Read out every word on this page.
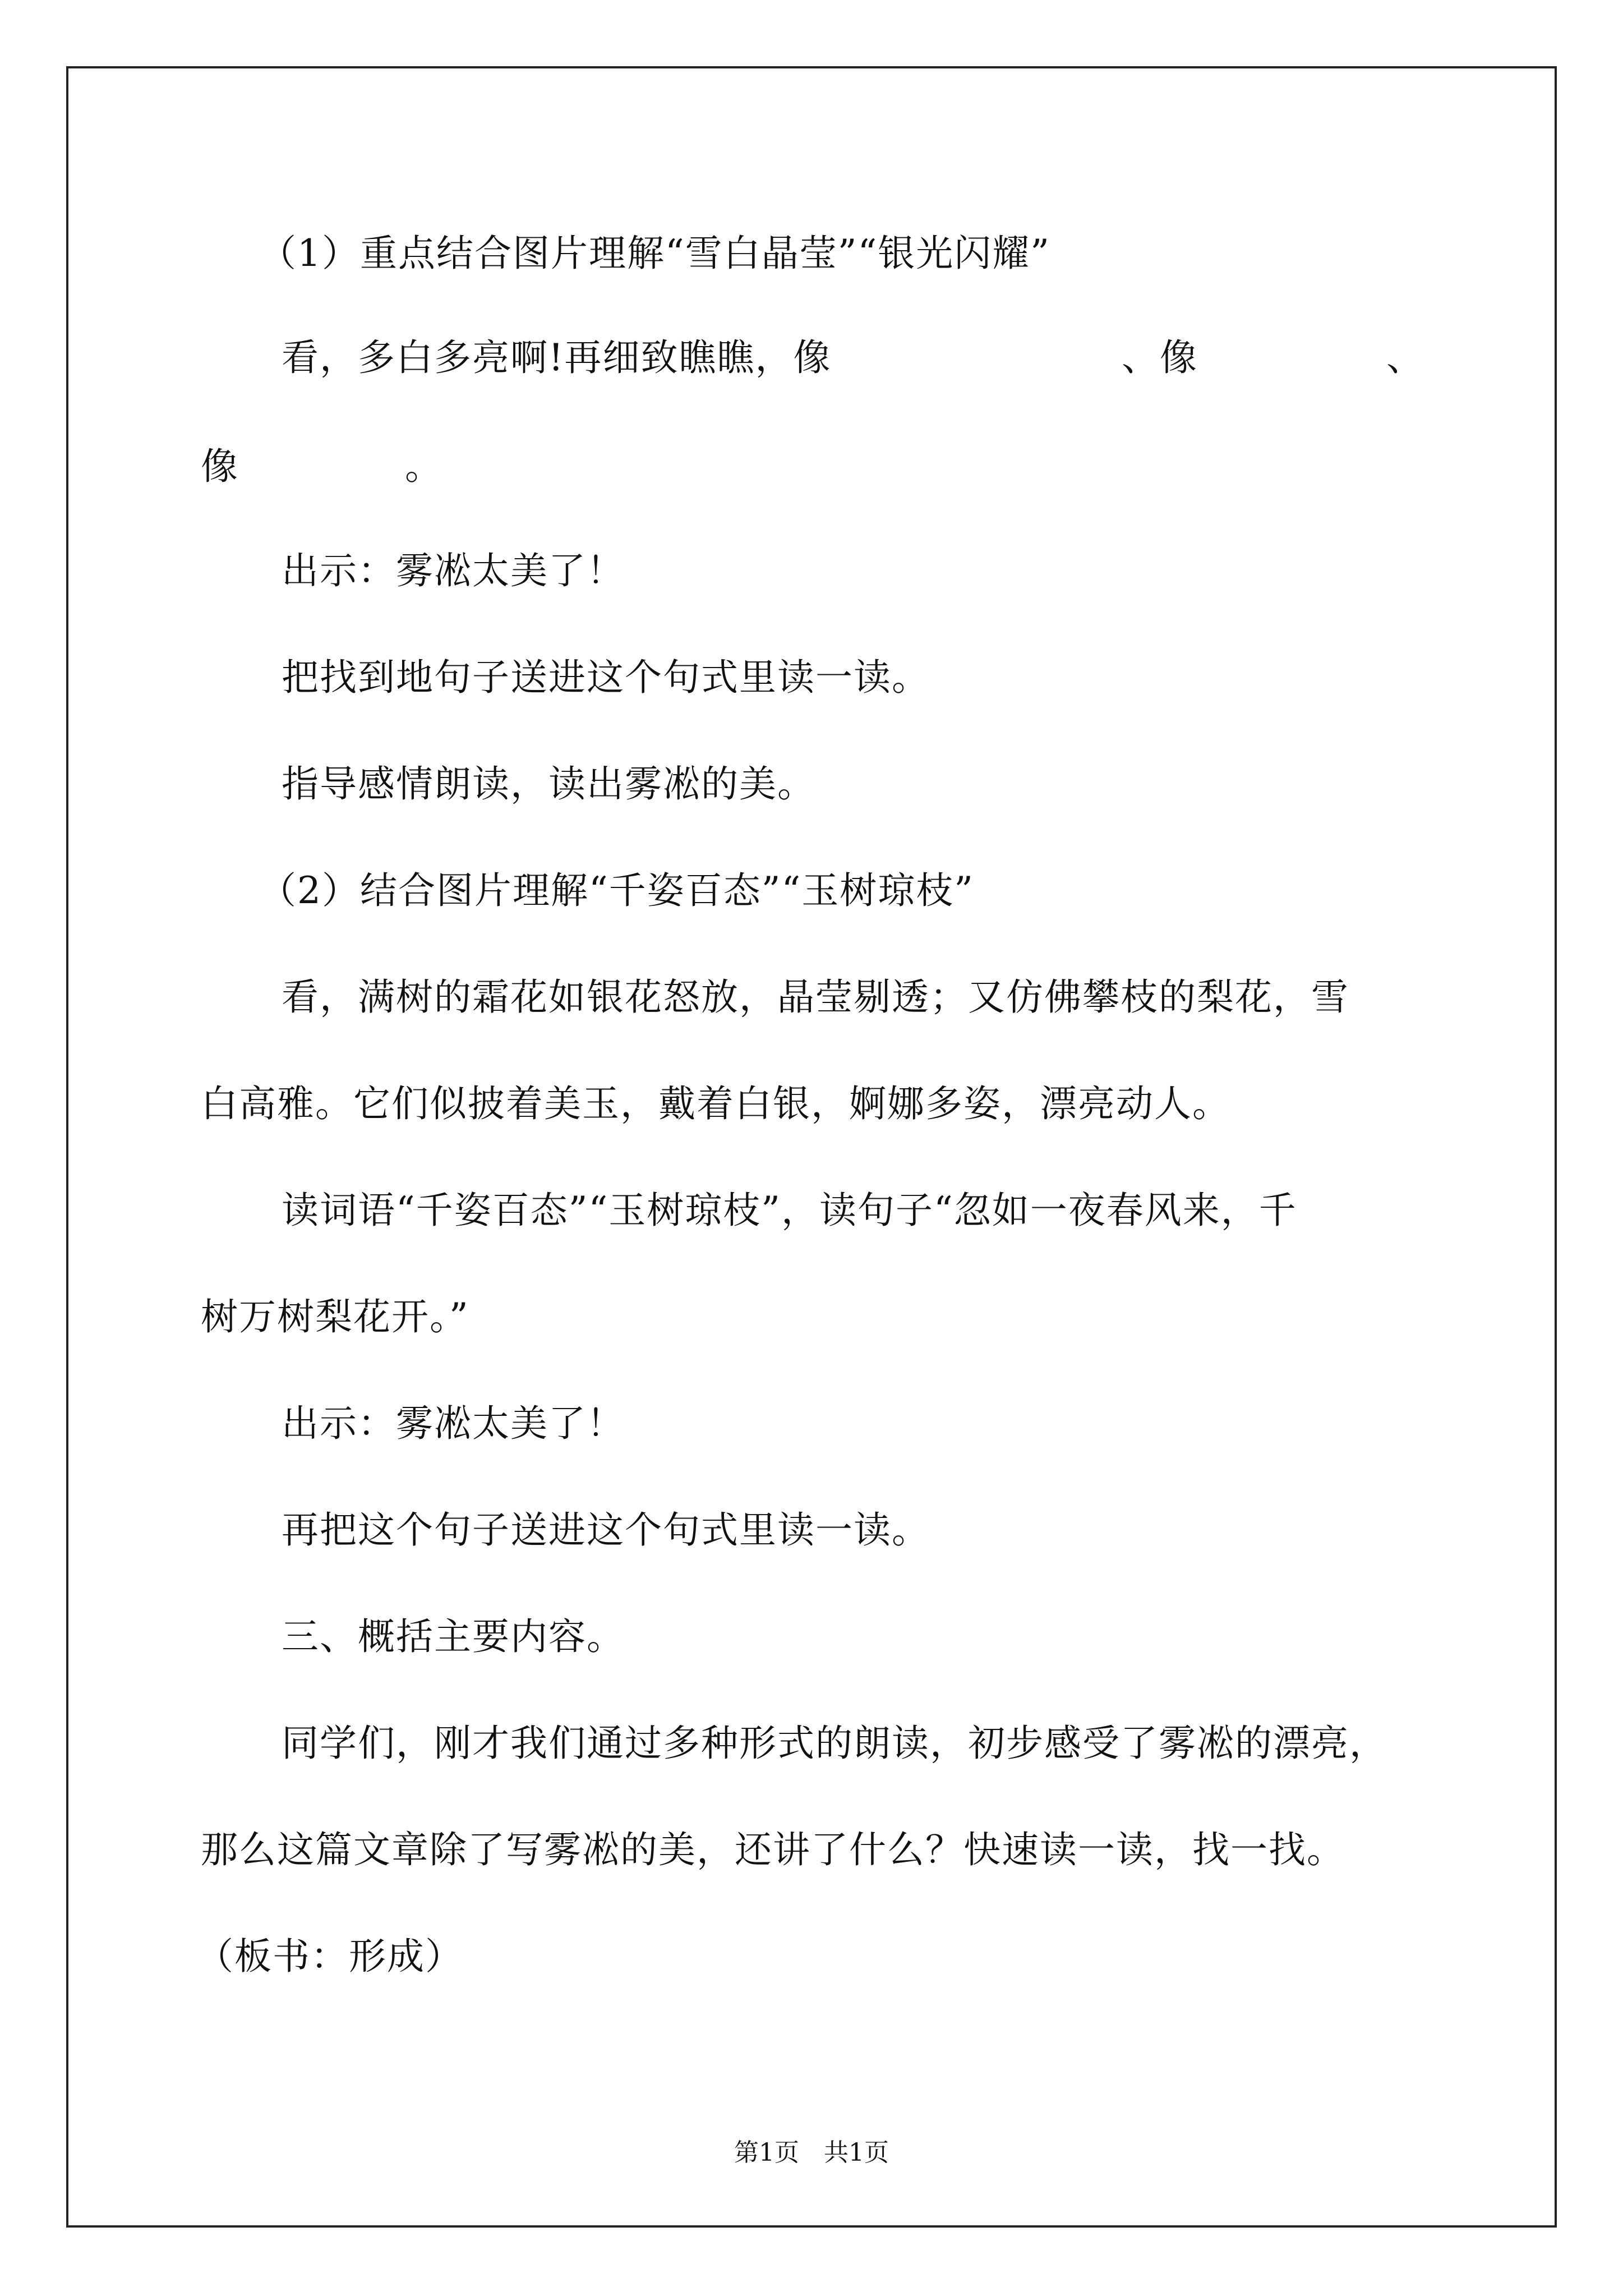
（1）重点结合图片理解“雪白晶莹”“银光闪耀”
看，多白多亮啊!再细致瞧瞧，像	、像	、
像	。
出示：雾凇太美了！
把找到地句子送进这个句式里读一读。
指导感情朗读，读出雾凇的美。
（2）结合图片理解“千姿百态”“玉树琼枝”
看，满树的霜花如银花怒放，晶莹剔透；又仿佛攀枝的梨花，雪
白高雅。它们似披着美玉，戴着白银，婀娜多姿，漂亮动人。
读词语“千姿百态”“玉树琼枝”，读句子“忽如一夜春风来，千
树万树梨花开。”
出示：雾凇太美了！
再把这个句子送进这个句式里读一读。
三、概括主要内容。
同学们，刚才我们通过多种形式的朗读，初步感受了雾凇的漂亮，
那么这篇文章除了写雾凇的美，还讲了什么？快速读一读，找一找。
（板书：形成）
第1页　共1页
